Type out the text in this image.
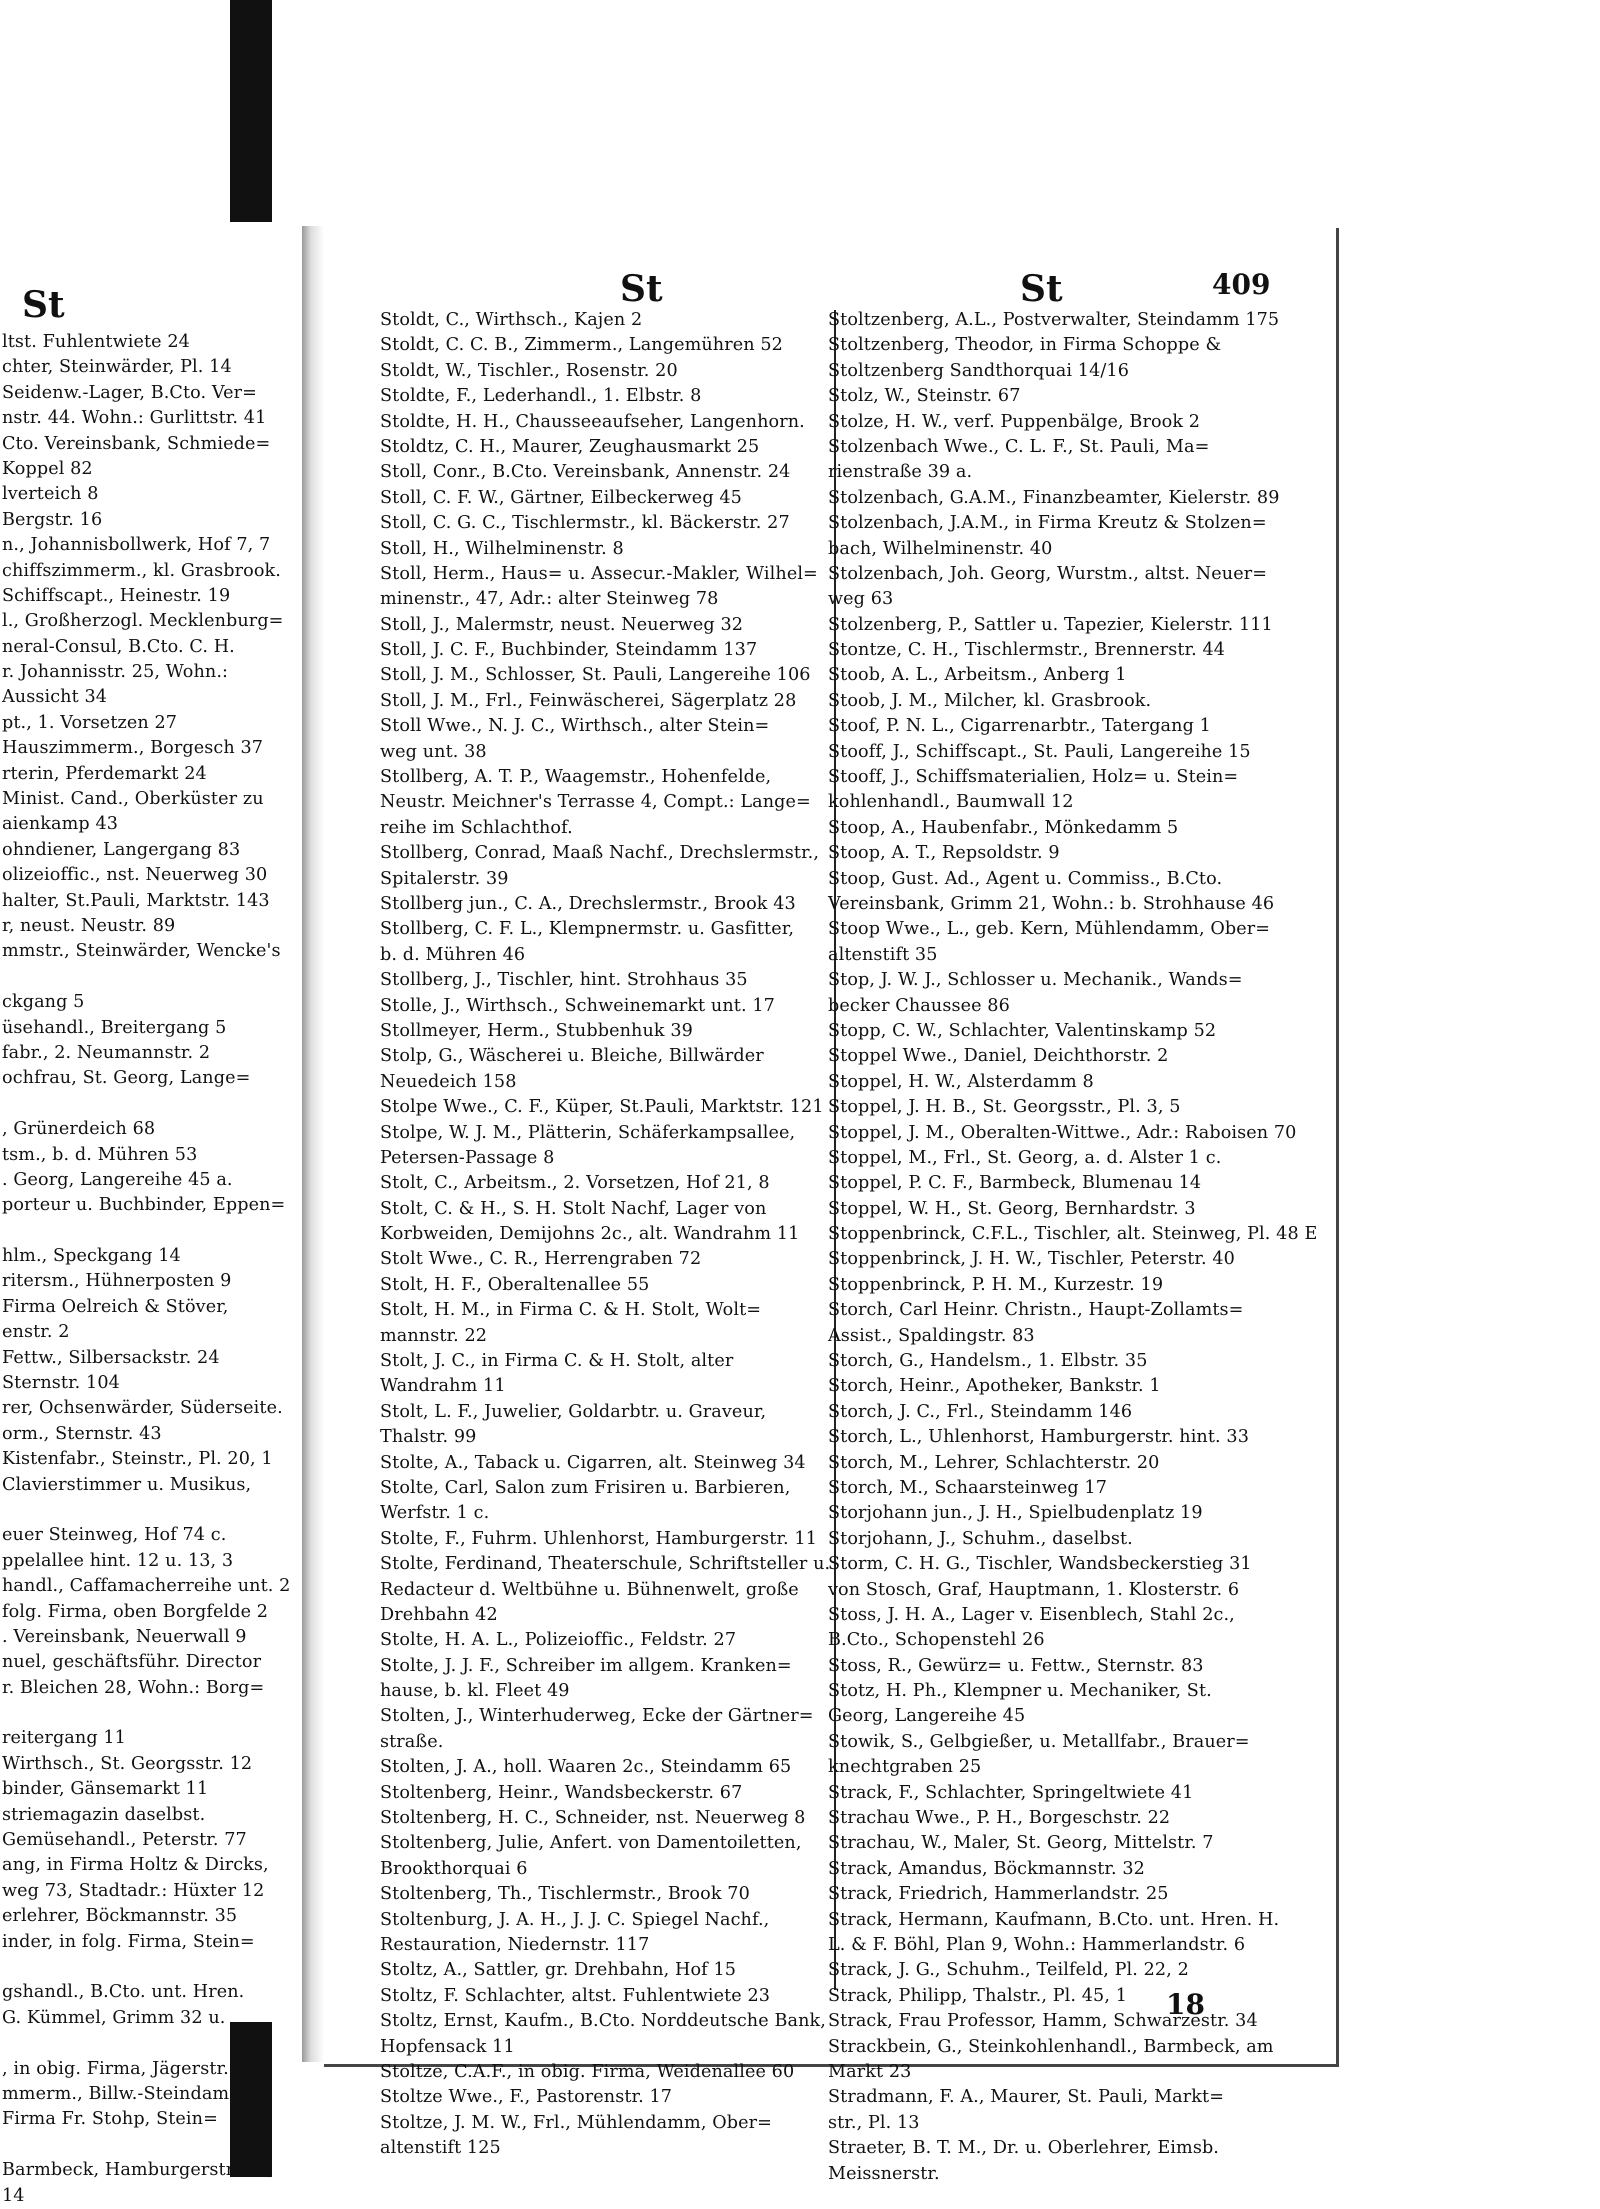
St
ltst. Fuhlentwiete 24
chter, Steinwärder, Pl. 14
Seidenw.-Lager, B.Cto. Ver=
nstr. 44. Wohn.: Gurlittstr. 41
Cto. Vereinsbank, Schmiede=
Koppel 82
lverteich 8
Bergstr. 16
n., Johannisbollwerk, Hof 7, 7
chiffszimmerm., kl. Grasbrook.
Schiffscapt., Heinestr. 19
l., Großherzogl. Mecklenburg=
neral-Consul, B.Cto. C. H.
r. Johannisstr. 25, Wohn.:
Aussicht 34
pt., 1. Vorsetzen 27
Hauszimmerm., Borgesch 37
rterin, Pferdemarkt 24
Minist. Cand., Oberküster zu
aienkamp 43
ohndiener, Langergang 83
olizeioffic., nst. Neuerweg 30
halter, St.Pauli, Marktstr. 143
r, neust. Neustr. 89
mmstr., Steinwärder, Wencke's
ckgang 5
üsehandl., Breitergang 5
fabr., 2. Neumannstr. 2
ochfrau, St. Georg, Lange=
, Grünerdeich 68
tsm., b. d. Mühren 53
. Georg, Langereihe 45 a.
porteur u. Buchbinder, Eppen=
hlm., Speckgang 14
ritersm., Hühnerposten 9
Firma Oelreich & Stöver,
enstr. 2
Fettw., Silbersackstr. 24
Sternstr. 104
rer, Ochsenwärder, Süderseite.
orm., Sternstr. 43
Kistenfabr., Steinstr., Pl. 20, 1
Clavierstimmer u. Musikus,
euer Steinweg, Hof 74 c.
ppelallee hint. 12 u. 13, 3
handl., Caffamacherreihe unt. 2
folg. Firma, oben Borgfelde 2
. Vereinsbank, Neuerwall 9
nuel, geschäftsführ. Director
r. Bleichen 28, Wohn.: Borg=
reitergang 11
Wirthsch., St. Georgsstr. 12
binder, Gänsemarkt 11
striemagazin daselbst.
Gemüsehandl., Peterstr. 77
ang, in Firma Holtz & Dircks,
weg 73, Stadtadr.: Hüxter 12
erlehrer, Böckmannstr. 35
inder, in folg. Firma, Stein=
gshandl., B.Cto. unt. Hren.
G. Kümmel, Grimm 32 u.
, in obig. Firma, Jägerstr. 5
mmerm., Billw.-Steindamm.
Firma Fr. Stohp, Stein=
Barmbeck, Hamburgerstraße,
14
St	St	409
Stoldt, C., Wirthsch., Kajen 2
Stoldt, C. C. B., Zimmerm., Langemühren 52
Stoldt, W., Tischler., Rosenstr. 20
Stoldte, F., Lederhandl., 1. Elbstr. 8
Stoldte, H. H., Chausseeaufseher, Langenhorn.
Stoldtz, C. H., Maurer, Zeughausmarkt 25
Stoll, Conr., B.Cto. Vereinsbank, Annenstr. 24
Stoll, C. F. W., Gärtner, Eilbeckerweg 45
Stoll, C. G. C., Tischlermstr., kl. Bäckerstr. 27
Stoll, H., Wilhelminenstr. 8
Stoll, Herm., Haus= u. Assecur.-Makler, Wilhel=
minenstr., 47, Adr.: alter Steinweg 78
Stoll, J., Malermstr, neust. Neuerweg 32
Stoll, J. C. F., Buchbinder, Steindamm 137
Stoll, J. M., Schlosser, St. Pauli, Langereihe 106
Stoll, J. M., Frl., Feinwäscherei, Sägerplatz 28
Stoll Wwe., N. J. C., Wirthsch., alter Stein=
weg unt. 38
Stollberg, A. T. P., Waagemstr., Hohenfelde,
Neustr. Meichner's Terrasse 4, Compt.: Lange=
reihe im Schlachthof.
Stollberg, Conrad, Maaß Nachf., Drechslermstr.,
Spitalerstr. 39
Stollberg jun., C. A., Drechslermstr., Brook 43
Stollberg, C. F. L., Klempnermstr. u. Gasfitter,
b. d. Mühren 46
Stollberg, J., Tischler, hint. Strohhaus 35
Stolle, J., Wirthsch., Schweinemarkt unt. 17
Stollmeyer, Herm., Stubbenhuk 39
Stolp, G., Wäscherei u. Bleiche, Billwärder
Neuedeich 158
Stolpe Wwe., C. F., Küper, St.Pauli, Marktstr. 121
Stolpe, W. J. M., Plätterin, Schäferkampsallee,
Petersen-Passage 8
Stolt, C., Arbeitsm., 2. Vorsetzen, Hof 21, 8
Stolt, C. & H., S. H. Stolt Nachf, Lager von
Korbweiden, Demijohns 2c., alt. Wandrahm 11
Stolt Wwe., C. R., Herrengraben 72
Stolt, H. F., Oberaltenallee 55
Stolt, H. M., in Firma C. & H. Stolt, Wolt=
mannstr. 22
Stolt, J. C., in Firma C. & H. Stolt, alter
Wandrahm 11
Stolt, L. F., Juwelier, Goldarbtr. u. Graveur,
Thalstr. 99
Stolte, A., Taback u. Cigarren, alt. Steinweg 34
Stolte, Carl, Salon zum Frisiren u. Barbieren,
Werfstr. 1 c.
Stolte, F., Fuhrm. Uhlenhorst, Hamburgerstr. 11
Stolte, Ferdinand, Theaterschule, Schriftsteller u.
Redacteur d. Weltbühne u. Bühnenwelt, große
Drehbahn 42
Stolte, H. A. L., Polizeioffic., Feldstr. 27
Stolte, J. J. F., Schreiber im allgem. Kranken=
hause, b. kl. Fleet 49
Stolten, J., Winterhuderweg, Ecke der Gärtner=
straße.
Stolten, J. A., holl. Waaren 2c., Steindamm 65
Stoltenberg, Heinr., Wandsbeckerstr. 67
Stoltenberg, H. C., Schneider, nst. Neuerweg 8
Stoltenberg, Julie, Anfert. von Damentoiletten,
Brookthorquai 6
Stoltenberg, Th., Tischlermstr., Brook 70
Stoltenburg, J. A. H., J. J. C. Spiegel Nachf.,
Restauration, Niedernstr. 117
Stoltz, A., Sattler, gr. Drehbahn, Hof 15
Stoltz, F. Schlachter, altst. Fuhlentwiete 23
Stoltz, Ernst, Kaufm., B.Cto. Norddeutsche Bank,
Hopfensack 11
Stoltze, C.A.F., in obig. Firma, Weidenallee 60
Stoltze Wwe., F., Pastorenstr. 17
Stoltze, J. M. W., Frl., Mühlendamm, Ober=
altenstift 125
Stoltzenberg, A.L., Postverwalter, Steindamm 175
Stoltzenberg, Theodor, in Firma Schoppe &
Stoltzenberg Sandthorquai 14/16
Stolz, W., Steinstr. 67
Stolze, H. W., verf. Puppenbälge, Brook 2
Stolzenbach Wwe., C. L. F., St. Pauli, Ma=
rienstraße 39 a.
Stolzenbach, G.A.M., Finanzbeamter, Kielerstr. 89
Stolzenbach, J.A.M., in Firma Kreutz & Stolzen=
bach, Wilhelminenstr. 40
Stolzenbach, Joh. Georg, Wurstm., altst. Neuer=
weg 63
Stolzenberg, P., Sattler u. Tapezier, Kielerstr. 111
Stontze, C. H., Tischlermstr., Brennerstr. 44
Stoob, A. L., Arbeitsm., Anberg 1
Stoob, J. M., Milcher, kl. Grasbrook.
Stoof, P. N. L., Cigarrenarbtr., Tatergang 1
Stooff, J., Schiffscapt., St. Pauli, Langereihe 15
Stooff, J., Schiffsmaterialien, Holz= u. Stein=
kohlenhandl., Baumwall 12
Stoop, A., Haubenfabr., Mönkedamm 5
Stoop, A. T., Repsoldstr. 9
Stoop, Gust. Ad., Agent u. Commiss., B.Cto.
Vereinsbank, Grimm 21, Wohn.: b. Strohhause 46
Stoop Wwe., L., geb. Kern, Mühlendamm, Ober=
altenstift 35
Stop, J. W. J., Schlosser u. Mechanik., Wands=
becker Chaussee 86
Stopp, C. W., Schlachter, Valentinskamp 52
Stoppel Wwe., Daniel, Deichthorstr. 2
Stoppel, H. W., Alsterdamm 8
Stoppel, J. H. B., St. Georgsstr., Pl. 3, 5
Stoppel, J. M., Oberalten-Wittwe., Adr.: Raboisen 70
Stoppel, M., Frl., St. Georg, a. d. Alster 1 c.
Stoppel, P. C. F., Barmbeck, Blumenau 14
Stoppel, W. H., St. Georg, Bernhardstr. 3
Stoppenbrinck, C.F.L., Tischler, alt. Steinweg, Pl. 48 E
Stoppenbrinck, J. H. W., Tischler, Peterstr. 40
Stoppenbrinck, P. H. M., Kurzestr. 19
Storch, Carl Heinr. Christn., Haupt-Zollamts=
Assist., Spaldingstr. 83
Storch, G., Handelsm., 1. Elbstr. 35
Storch, Heinr., Apotheker, Bankstr. 1
Storch, J. C., Frl., Steindamm 146
Storch, L., Uhlenhorst, Hamburgerstr. hint. 33
Storch, M., Lehrer, Schlachterstr. 20
Storch, M., Schaarsteinweg 17
Storjohann jun., J. H., Spielbudenplatz 19
Storjohann, J., Schuhm., daselbst.
Storm, C. H. G., Tischler, Wandsbeckerstieg 31
von Stosch, Graf, Hauptmann, 1. Klosterstr. 6
Stoss, J. H. A., Lager v. Eisenblech, Stahl 2c.,
B.Cto., Schopenstehl 26
Stoss, R., Gewürz= u. Fettw., Sternstr. 83
Stotz, H. Ph., Klempner u. Mechaniker, St.
Georg, Langereihe 45
Stowik, S., Gelbgießer, u. Metallfabr., Brauer=
knechtgraben 25
Strack, F., Schlachter, Springeltwiete 41
Strachau Wwe., P. H., Borgeschstr. 22
Strachau, W., Maler, St. Georg, Mittelstr. 7
Strack, Amandus, Böckmannstr. 32
Strack, Friedrich, Hammerlandstr. 25
Strack, Hermann, Kaufmann, B.Cto. unt. Hren. H.
L. & F. Böhl, Plan 9, Wohn.: Hammerlandstr. 6
Strack, J. G., Schuhm., Teilfeld, Pl. 22, 2
Strack, Philipp, Thalstr., Pl. 45, 1
Strack, Frau Professor, Hamm, Schwarzestr. 34
Strackbein, G., Steinkohlenhandl., Barmbeck, am
Markt 23
Stradmann, F. A., Maurer, St. Pauli, Markt=
str., Pl. 13
Straeter, B. T. M., Dr. u. Oberlehrer, Eimsb.
Meissnerstr.
18
